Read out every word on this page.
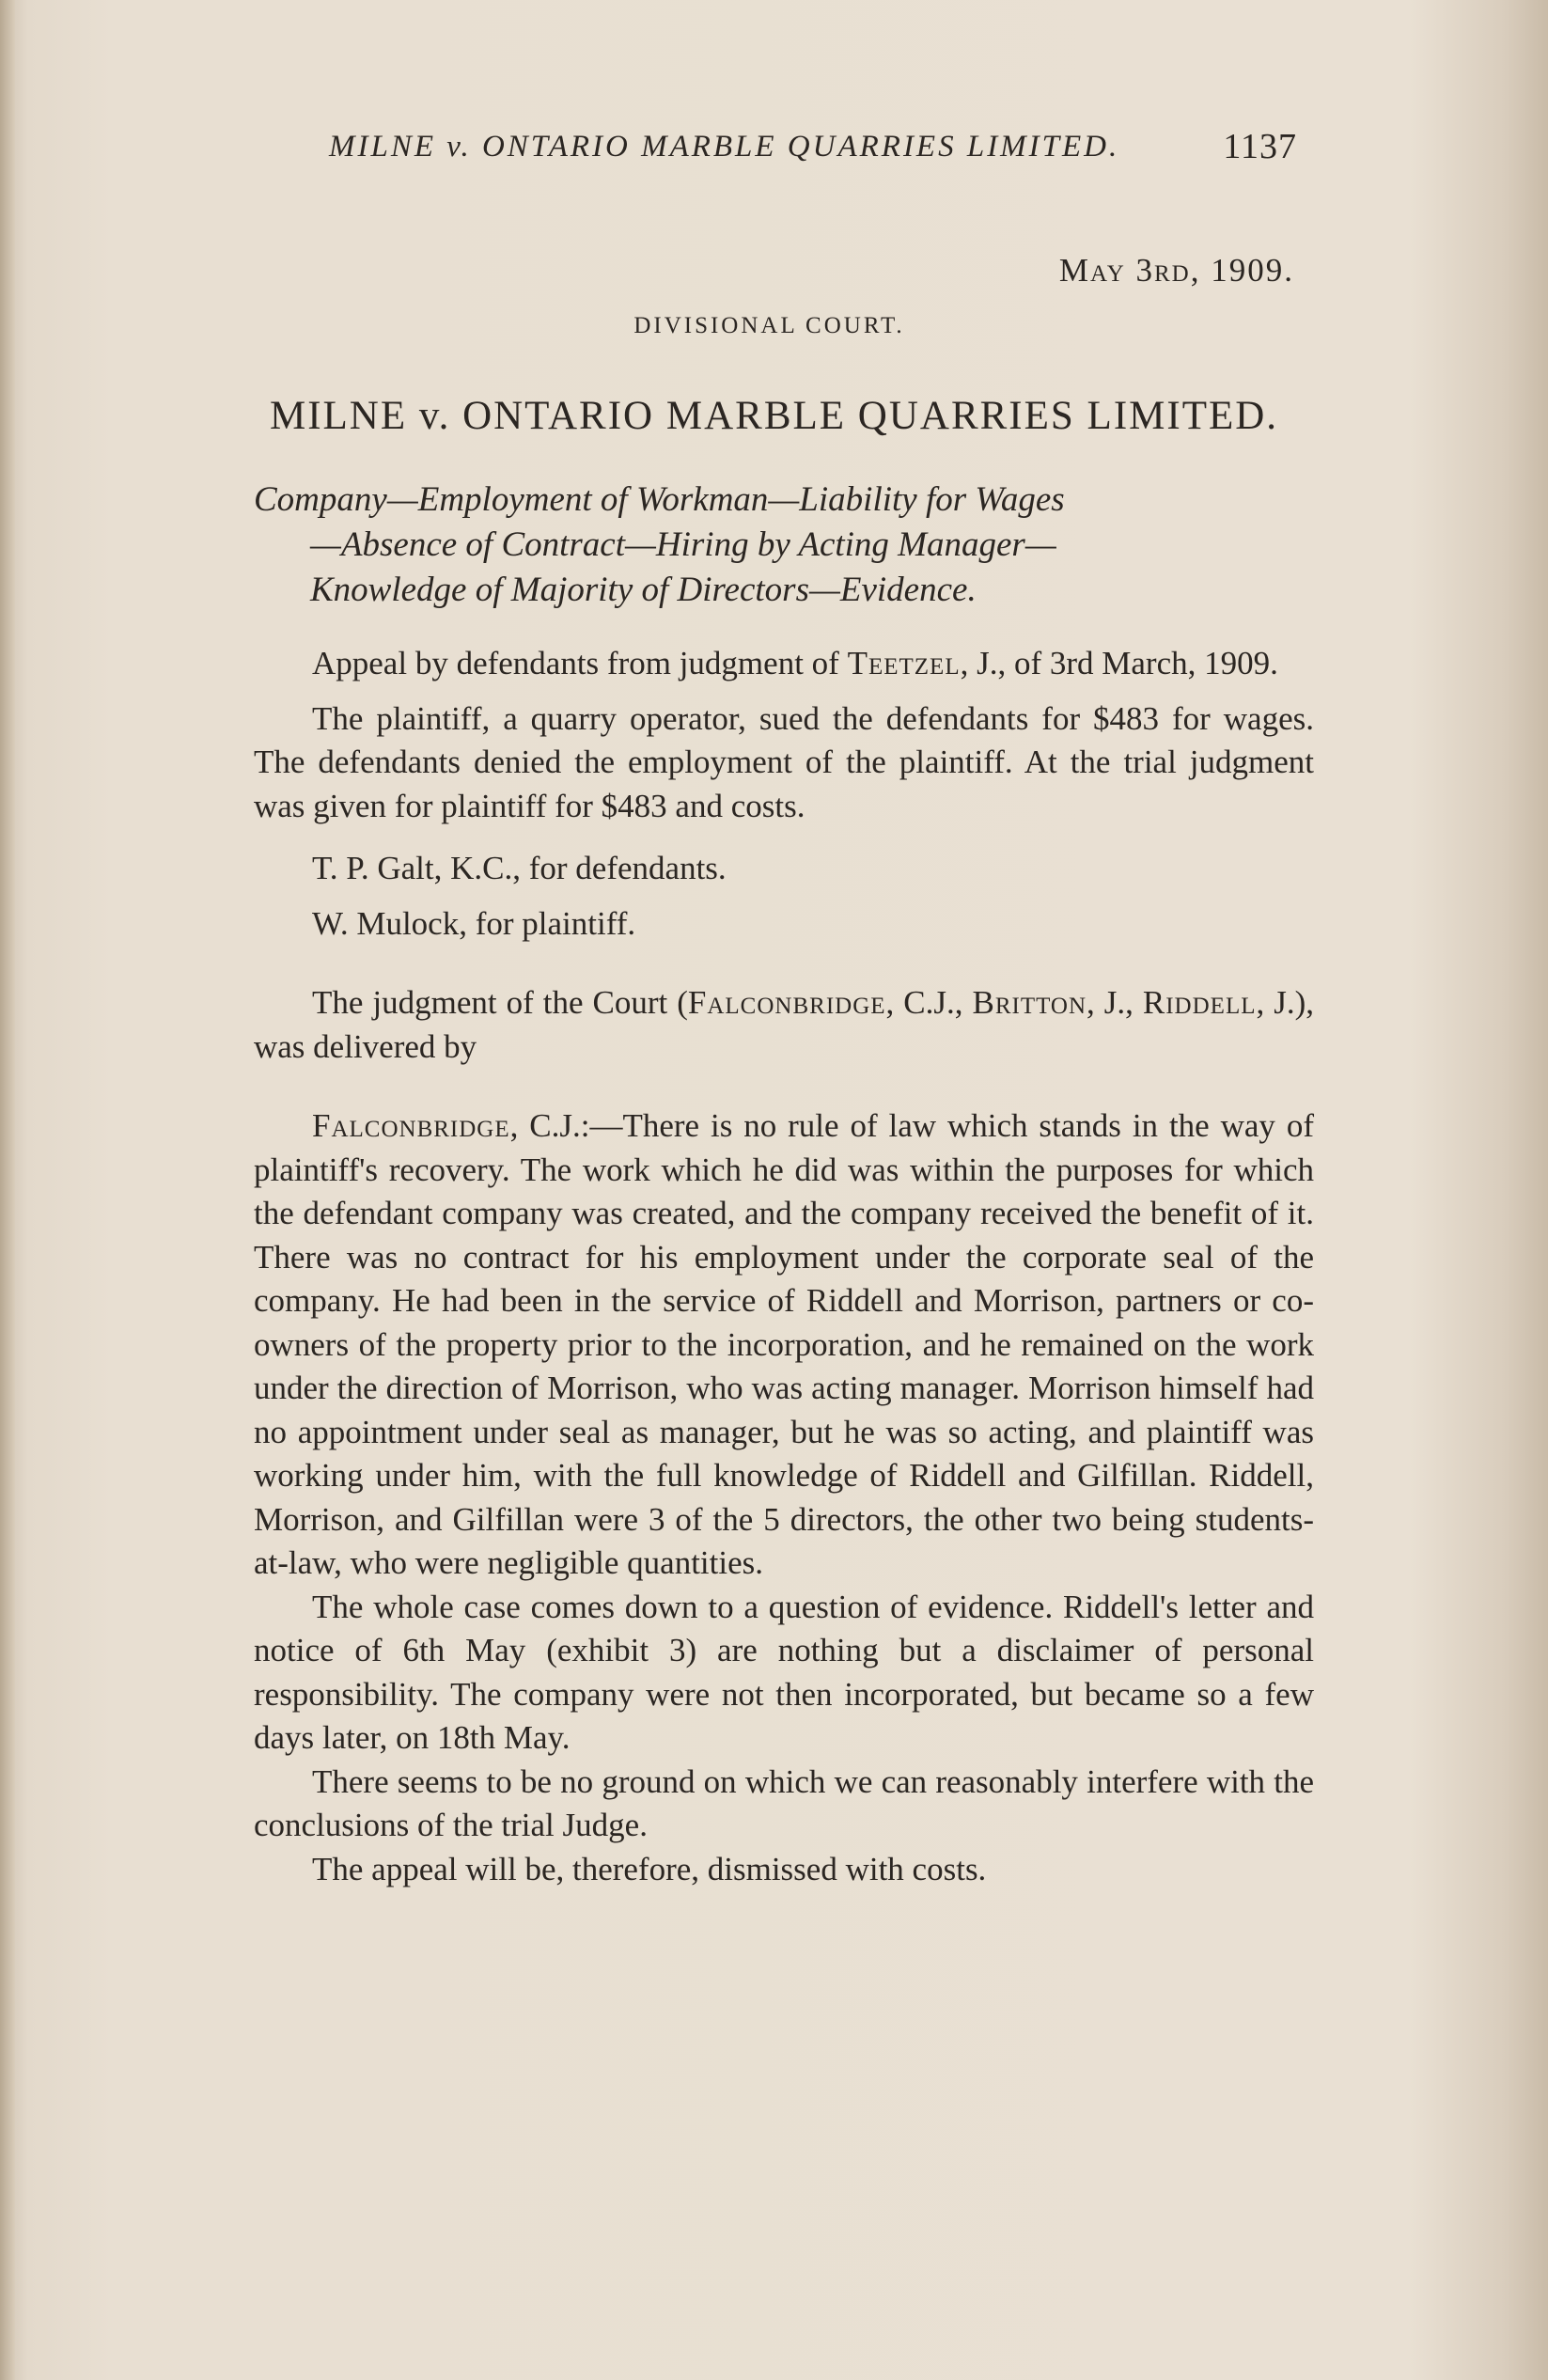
MILNE v. ONTARIO MARBLE QUARRIES LIMITED.	1137
May 3rd, 1909.
DIVISIONAL COURT.
MILNE v. ONTARIO MARBLE QUARRIES LIMITED.

Company—Employment of Workman—Liability for Wages

—Absence of Contract—Hiring by Acting Manager—

Knowledge of Majority of Directors—Evidence.

Appeal by defendants from judgment of Teetzel, J., of 3rd March, 1909.

The plaintiff, a quarry operator, sued the defendants for $483 for wages. The defendants denied the employment of the plaintiff. At the trial judgment was given for plaintiff for $483 and costs.

T. P. Galt, K.C., for defendants.

W. Mulock, for plaintiff.

The judgment of the Court (Falconbridge, C.J., Britton, J., Riddell, J.), was delivered by

Falconbridge, C.J.:—There is no rule of law which stands in the way of plaintiff's recovery. The work which he did was within the purposes for which the defendant company was created, and the company received the benefit of it. There was no contract for his employment under the corporate seal of the company. He had been in the service of Riddell and Morrison, partners or co-owners of the property prior to the incorporation, and he remained on the work under the direction of Morrison, who was acting manager. Morrison himself had no appointment under seal as manager, but he was so acting, and plaintiff was working under him, with the full knowledge of Riddell and Gilfillan. Riddell, Morrison, and Gilfillan were 3 of the 5 directors, the other two being students-at-law, who were negligible quantities.

The whole case comes down to a question of evidence. Riddell's letter and notice of 6th May (exhibit 3) are nothing but a disclaimer of personal responsibility. The company were not then incorporated, but became so a few days later, on 18th May.

There seems to be no ground on which we can reasonably interfere with the conclusions of the trial Judge.

The appeal will be, therefore, dismissed with costs.
